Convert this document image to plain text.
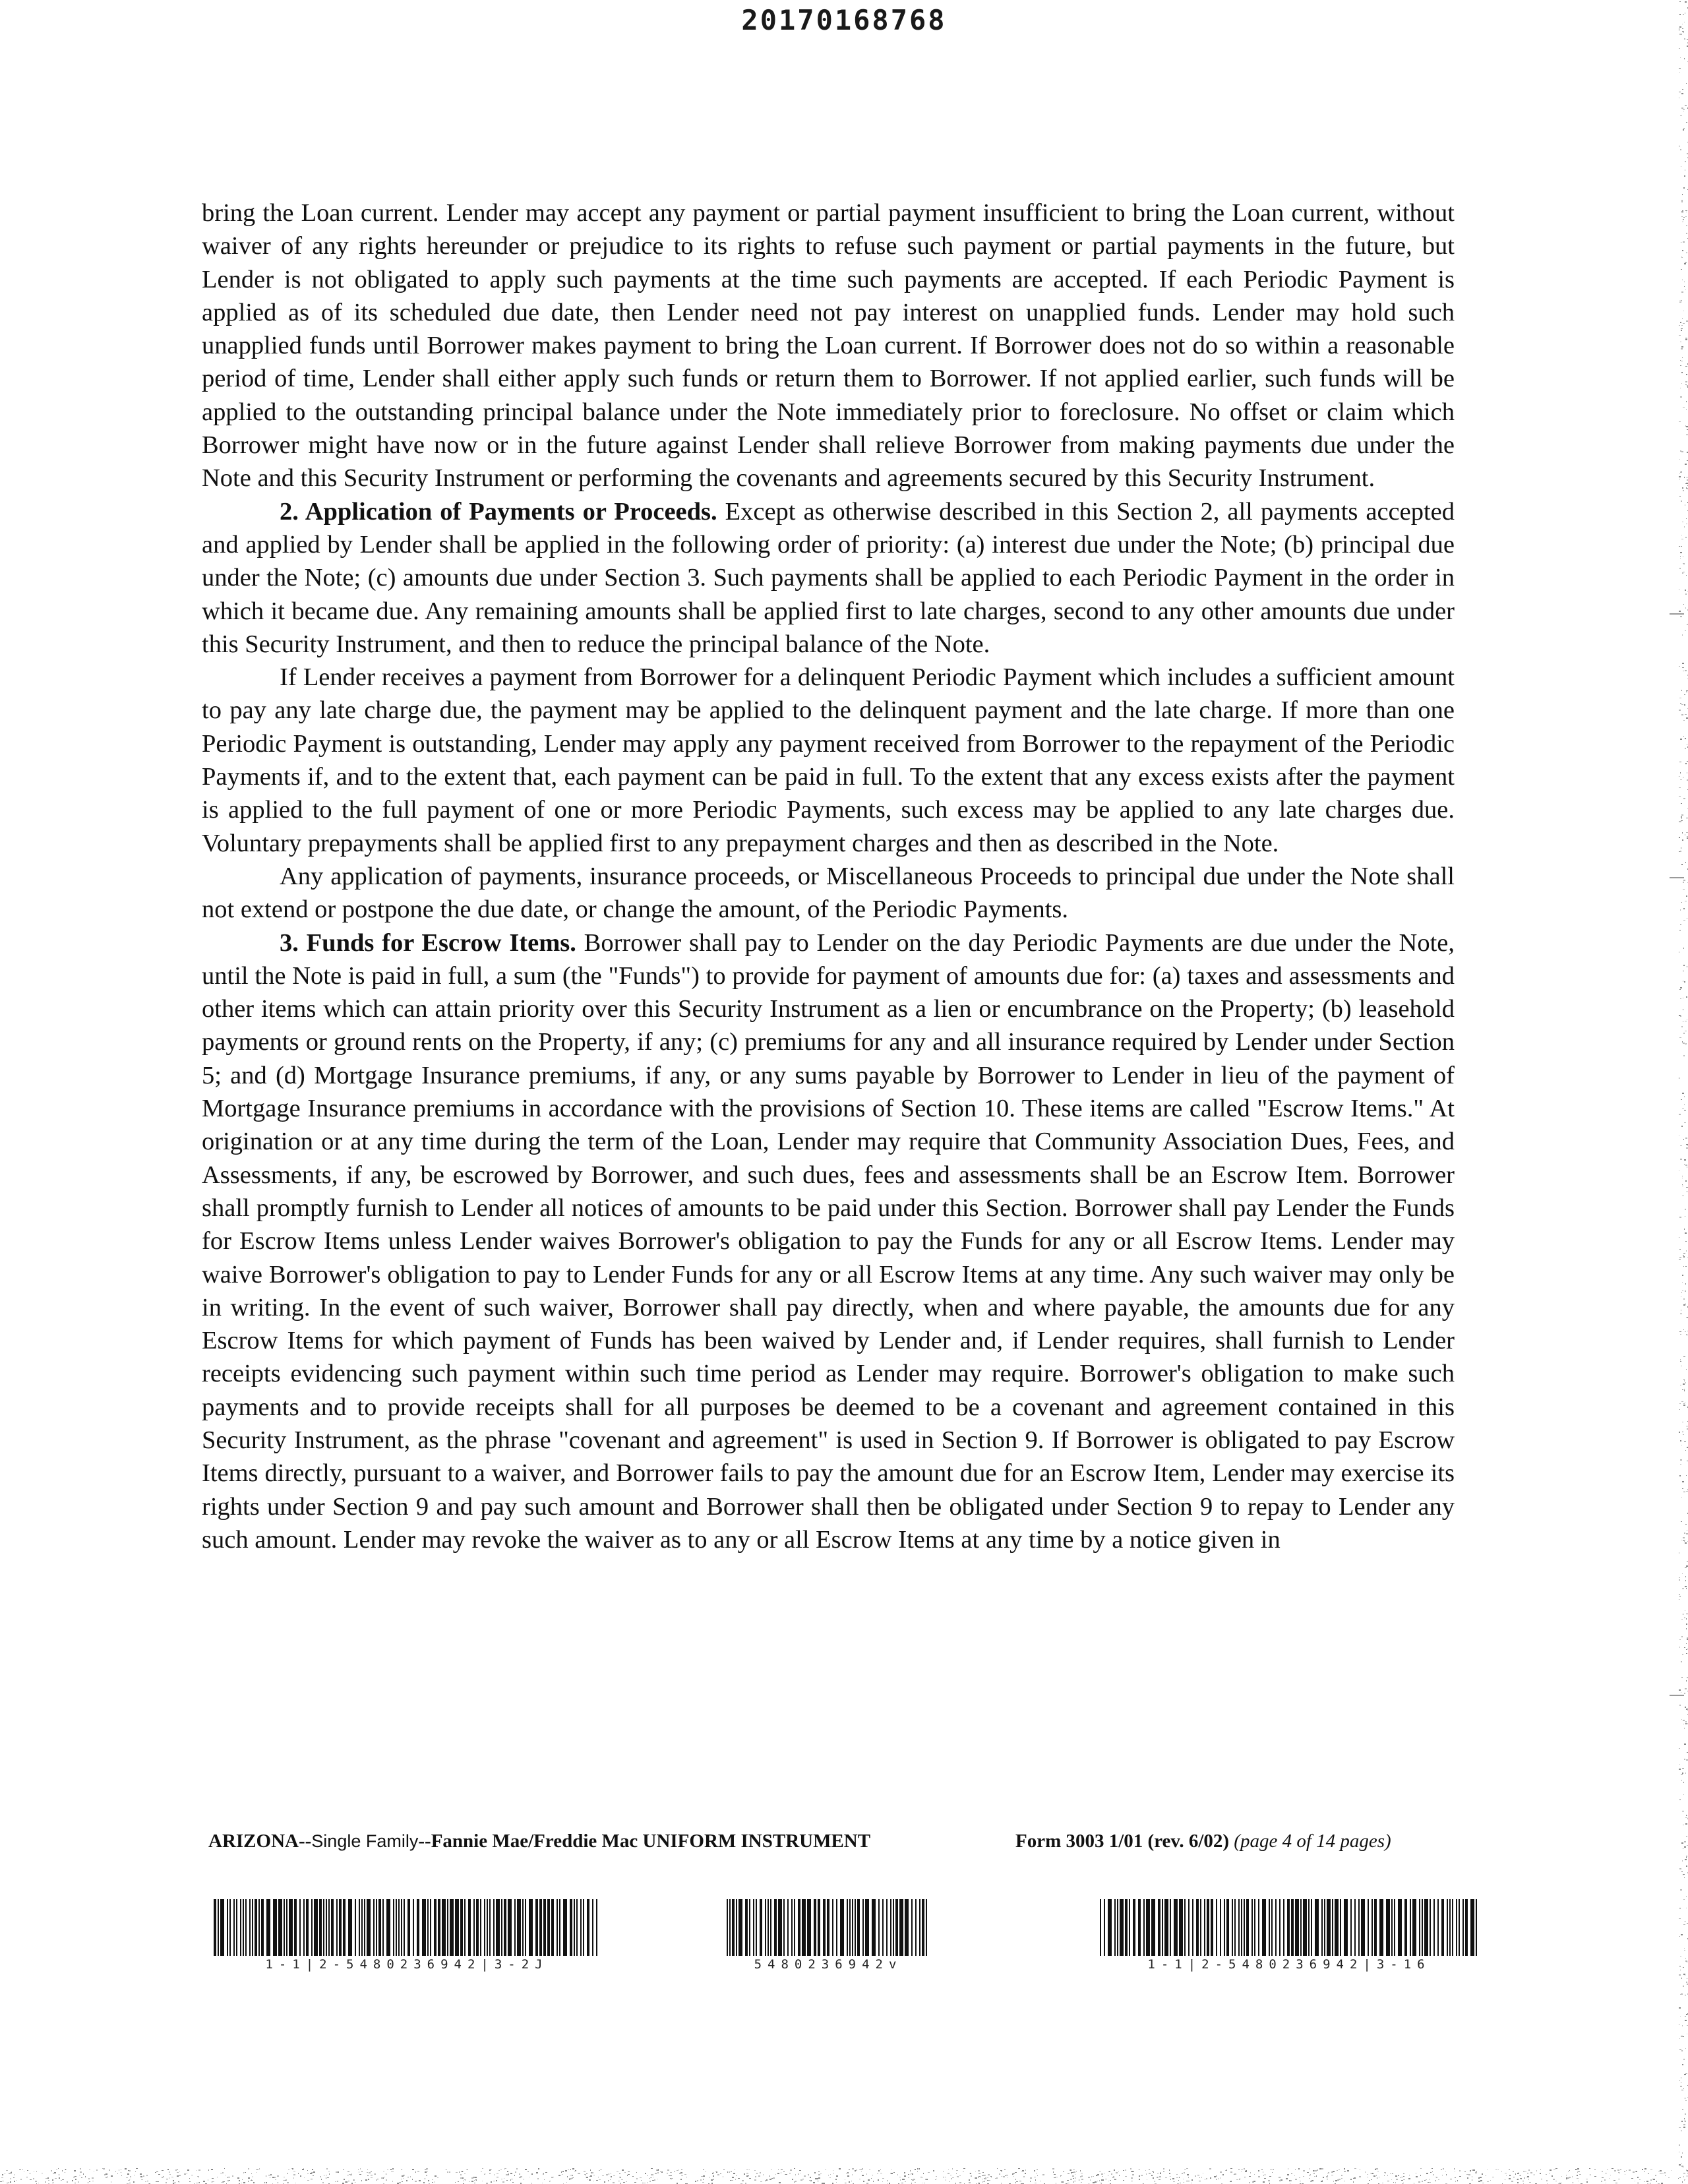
20170168768

bring the Loan current. Lender may accept any payment or partial payment insufficient to bring the Loan current, without waiver of any rights hereunder or prejudice to its rights to refuse such payment or partial payments in the future, but Lender is not obligated to apply such payments at the time such payments are accepted. If each Periodic Payment is applied as of its scheduled due date, then Lender need not pay interest on unapplied funds. Lender may hold such unapplied funds until Borrower makes payment to bring the Loan current. If Borrower does not do so within a reasonable period of time, Lender shall either apply such funds or return them to Borrower. If not applied earlier, such funds will be applied to the outstanding principal balance under the Note immediately prior to foreclosure. No offset or claim which Borrower might have now or in the future against Lender shall relieve Borrower from making payments due under the Note and this Security Instrument or performing the covenants and agreements secured by this Security Instrument.

2. Application of Payments or Proceeds. Except as otherwise described in this Section 2, all payments accepted and applied by Lender shall be applied in the following order of priority: (a) interest due under the Note; (b) principal due under the Note; (c) amounts due under Section 3. Such payments shall be applied to each Periodic Payment in the order in which it became due. Any remaining amounts shall be applied first to late charges, second to any other amounts due under this Security Instrument, and then to reduce the principal balance of the Note.

If Lender receives a payment from Borrower for a delinquent Periodic Payment which includes a sufficient amount to pay any late charge due, the payment may be applied to the delinquent payment and the late charge. If more than one Periodic Payment is outstanding, Lender may apply any payment received from Borrower to the repayment of the Periodic Payments if, and to the extent that, each payment can be paid in full. To the extent that any excess exists after the payment is applied to the full payment of one or more Periodic Payments, such excess may be applied to any late charges due. Voluntary prepayments shall be applied first to any prepayment charges and then as described in the Note.

Any application of payments, insurance proceeds, or Miscellaneous Proceeds to principal due under the Note shall not extend or postpone the due date, or change the amount, of the Periodic Payments.

3. Funds for Escrow Items. Borrower shall pay to Lender on the day Periodic Payments are due under the Note, until the Note is paid in full, a sum (the "Funds") to provide for payment of amounts due for: (a) taxes and assessments and other items which can attain priority over this Security Instrument as a lien or encumbrance on the Property; (b) leasehold payments or ground rents on the Property, if any; (c) premiums for any and all insurance required by Lender under Section 5; and (d) Mortgage Insurance premiums, if any, or any sums payable by Borrower to Lender in lieu of the payment of Mortgage Insurance premiums in accordance with the provisions of Section 10. These items are called "Escrow Items." At origination or at any time during the term of the Loan, Lender may require that Community Association Dues, Fees, and Assessments, if any, be escrowed by Borrower, and such dues, fees and assessments shall be an Escrow Item. Borrower shall promptly furnish to Lender all notices of amounts to be paid under this Section. Borrower shall pay Lender the Funds for Escrow Items unless Lender waives Borrower's obligation to pay the Funds for any or all Escrow Items. Lender may waive Borrower's obligation to pay to Lender Funds for any or all Escrow Items at any time. Any such waiver may only be in writing. In the event of such waiver, Borrower shall pay directly, when and where payable, the amounts due for any Escrow Items for which payment of Funds has been waived by Lender and, if Lender requires, shall furnish to Lender receipts evidencing such payment within such time period as Lender may require. Borrower's obligation to make such payments and to provide receipts shall for all purposes be deemed to be a covenant and agreement contained in this Security Instrument, as the phrase "covenant and agreement" is used in Section 9. If Borrower is obligated to pay Escrow Items directly, pursuant to a waiver, and Borrower fails to pay the amount due for an Escrow Item, Lender may exercise its rights under Section 9 and pay such amount and Borrower shall then be obligated under Section 9 to repay to Lender any such amount. Lender may revoke the waiver as to any or all Escrow Items at any time by a notice given in

ARIZONA--Single Family--Fannie Mae/Freddie Mac UNIFORM INSTRUMENT	Form 3003 1/01 (rev. 6/02) (page 4 of 14 pages)
1-1|2-5480236942|3-2J	5480236942v	1-1|2-5480236942|3-16
